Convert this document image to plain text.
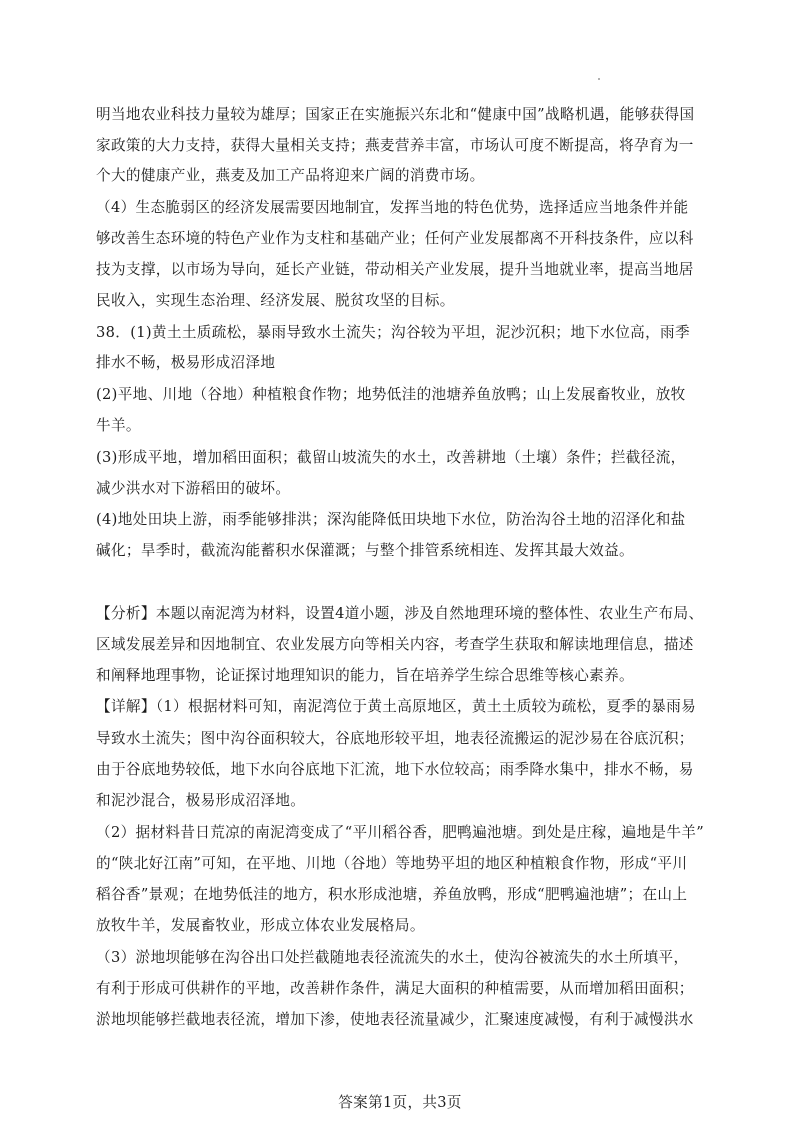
明当地农业科技力量较为雄厚；国家正在实施振兴东北和“健康中国”战略机遇，能够获得国
家政策的大力支持，获得大量相关支持；燕麦营养丰富，市场认可度不断提高，将孕育为一
个大的健康产业，燕麦及加工产品将迎来广阔的消费市场。
（4）生态脆弱区的经济发展需要因地制宜，发挥当地的特色优势，选择适应当地条件并能
够改善生态环境的特色产业作为支柱和基础产业；任何产业发展都离不开科技条件，应以科
技为支撑，以市场为导向，延长产业链，带动相关产业发展，提升当地就业率，提高当地居
民收入，实现生态治理、经济发展、脱贫攻坚的目标。
38．(1)黄土土质疏松，暴雨导致水土流失；沟谷较为平坦，泥沙沉积；地下水位高，雨季
排水不畅，极易形成沼泽地
(2)平地、川地（谷地）种植粮食作物；地势低洼的池塘养鱼放鸭；山上发展畜牧业，放牧
牛羊。
(3)形成平地，增加稻田面积；截留山坡流失的水土，改善耕地（土壤）条件；拦截径流，
减少洪水对下游稻田的破坏。
(4)地处田块上游，雨季能够排洪；深沟能降低田块地下水位，防治沟谷土地的沼泽化和盐
碱化；旱季时，截流沟能蓄积水保灌溉；与整个排管系统相连、发挥其最大效益。
【分析】本题以南泥湾为材料，设置4道小题，涉及自然地理环境的整体性、农业生产布局、
区域发展差异和因地制宜、农业发展方向等相关内容，考查学生获取和解读地理信息，描述
和阐释地理事物，论证探讨地理知识的能力，旨在培养学生综合思维等核心素养。
【详解】（1）根据材料可知，南泥湾位于黄土高原地区，黄土土质较为疏松，夏季的暴雨易
导致水土流失；图中沟谷面积较大，谷底地形较平坦，地表径流搬运的泥沙易在谷底沉积；
由于谷底地势较低，地下水向谷底地下汇流，地下水位较高；雨季降水集中，排水不畅，易
和泥沙混合，极易形成沼泽地。
（2）据材料昔日荒凉的南泥湾变成了“平川稻谷香，肥鸭遍池塘。到处是庄稼，遍地是牛羊”
的“陕北好江南”可知，在平地、川地（谷地）等地势平坦的地区种植粮食作物，形成“平川
稻谷香”景观；在地势低洼的地方，积水形成池塘，养鱼放鸭，形成“肥鸭遍池塘”；在山上
放牧牛羊，发展畜牧业，形成立体农业发展格局。
（3）淤地坝能够在沟谷出口处拦截随地表径流流失的水土，使沟谷被流失的水土所填平，
有利于形成可供耕作的平地，改善耕作条件，满足大面积的种植需要，从而增加稻田面积；
淤地坝能够拦截地表径流，增加下渗，使地表径流量减少，汇聚速度减慢，有利于减慢洪水
答案第1页，共3页
